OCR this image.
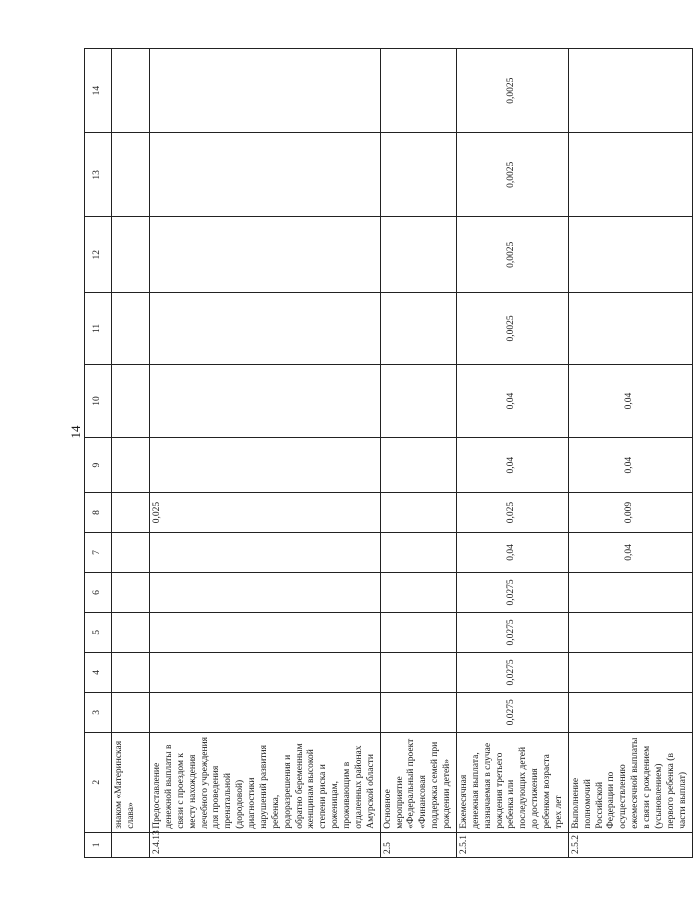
14
1	2	3	4	5	6	7	8	9	10	11	12	13	14
	знаком «Материнская слава»												
2.4.13	Предоставление денежной выплаты в связи с проездом к месту нахождения лечебного учреждения для проведения пренатальной (дородовой) диагностики нарушений развития ребенка, родоразрешения и обратно беременным женщинам высокой степени риска и роженицам, проживающим в отдаленных районах Амурской области						0,025						
2.5	Основное мероприятие «Федеральный проект «Финансовая поддержка семей при рождении детей»												
2.5.1	Ежемесячная денежная выплата, назначаемая в случае рождения третьего ребенка или последующих детей до достижения ребенком возраста трех лет	0,0275	0,0275	0,0275	0,0275	0,04	0,025	0,04	0,04	0,0025	0,0025	0,0025	0,0025
2.5.2	Выполнение полномочий Российской Федерации по осуществлению ежемесячной выплаты в связи с рождением (усыновлением) первого ребенка (в части выплат)					0,04	0,009	0,04	0,04				
